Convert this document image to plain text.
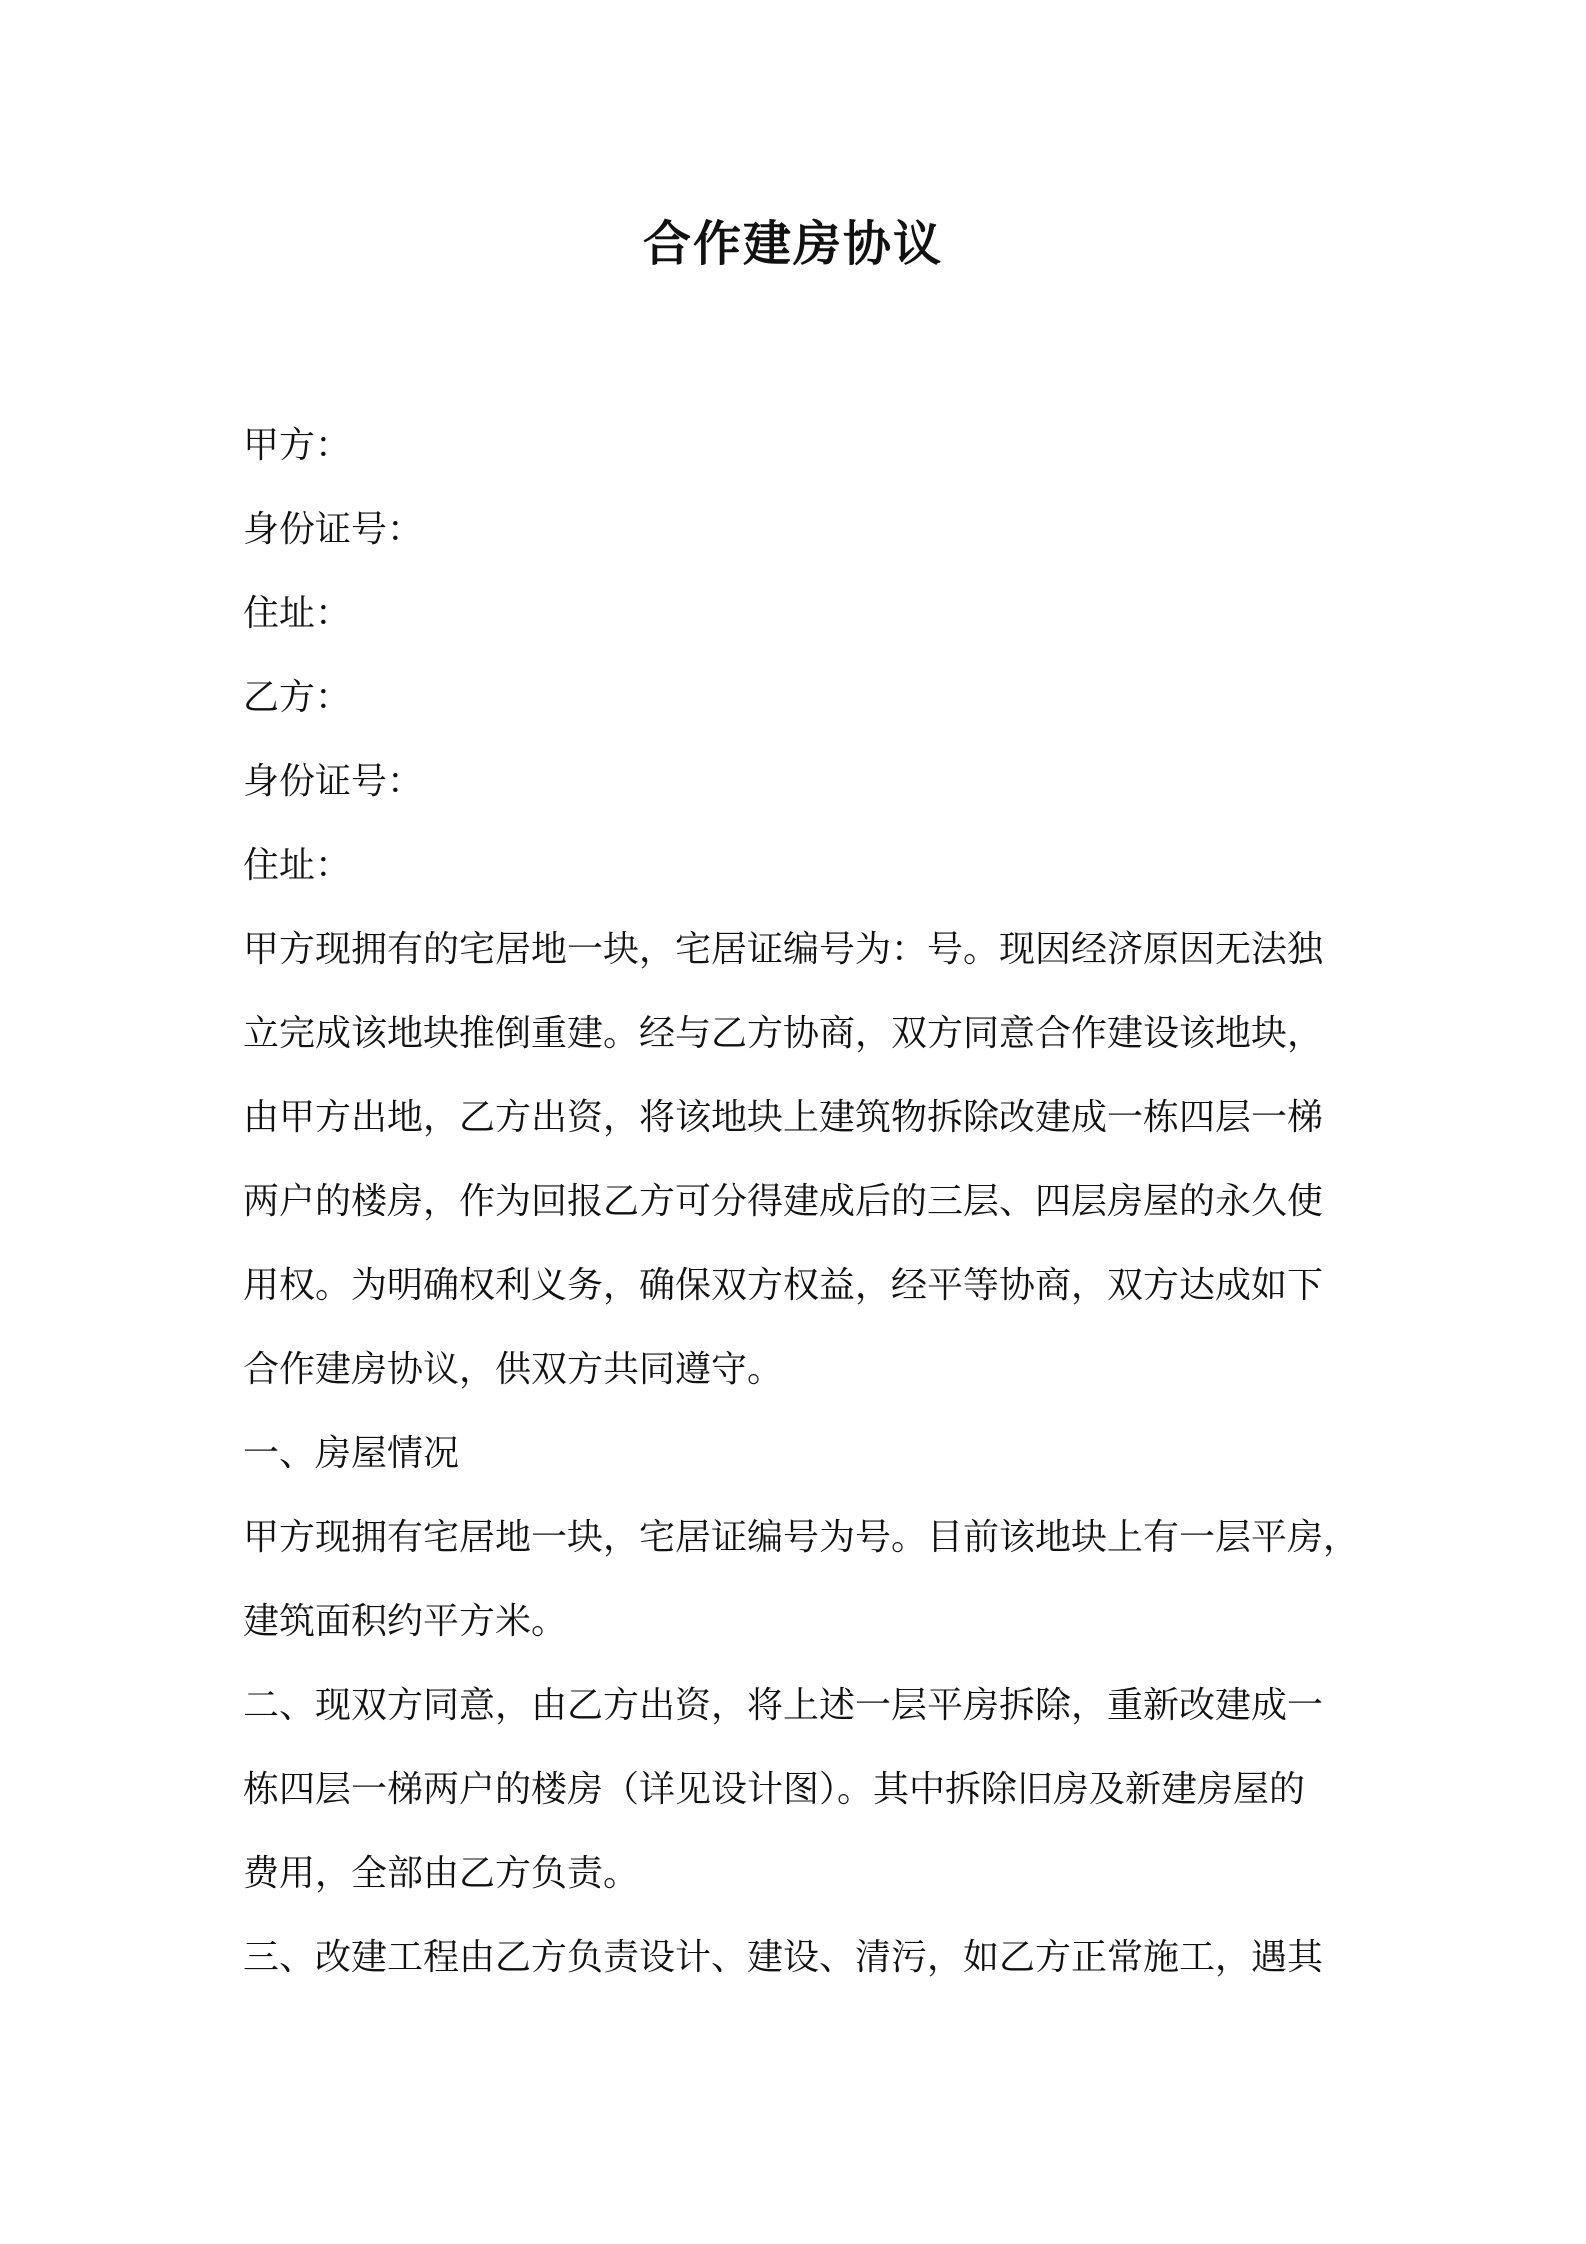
合作建房协议
甲方：
身份证号：
住址：
乙方：
身份证号：
住址：
甲方现拥有的宅居地一块，宅居证编号为：号。现因经济原因无法独
立完成该地块推倒重建。经与乙方协商，双方同意合作建设该地块，
由甲方出地，乙方出资，将该地块上建筑物拆除改建成一栋四层一梯
两户的楼房，作为回报乙方可分得建成后的三层、四层房屋的永久使
用权。为明确权利义务，确保双方权益，经平等协商，双方达成如下
合作建房协议，供双方共同遵守。
一、房屋情况
甲方现拥有宅居地一块，宅居证编号为号。目前该地块上有一层平房，
建筑面积约平方米。
二、现双方同意，由乙方出资，将上述一层平房拆除，重新改建成一
栋四层一梯两户的楼房（详见设计图）。其中拆除旧房及新建房屋的
费用，全部由乙方负责。
三、改建工程由乙方负责设计、建设、清污，如乙方正常施工，遇其
